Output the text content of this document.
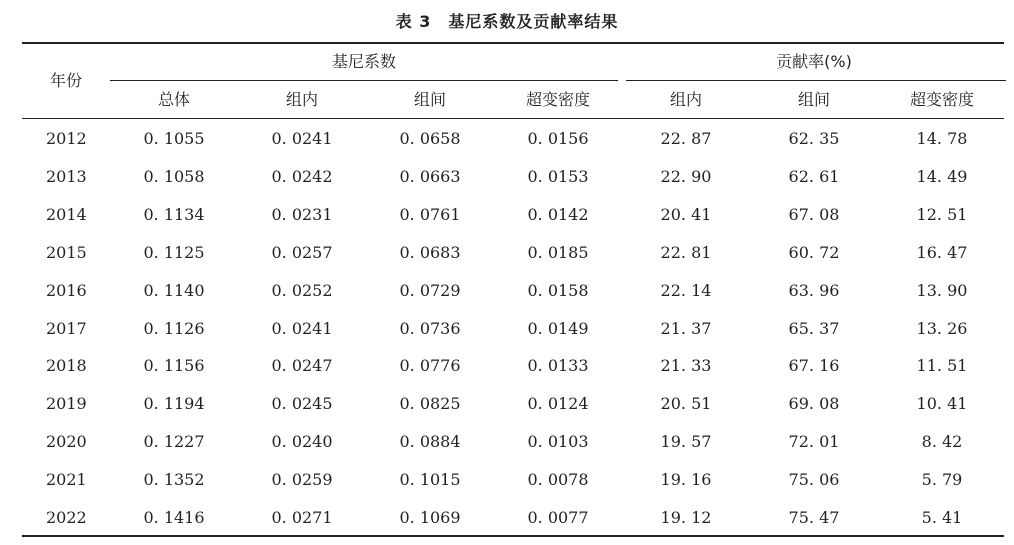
表 3　基尼系数及贡献率结果
年份
基尼系数	贡献率(%)
总体	组内	组间	超变密度	组内	组间	超变密度
2012	0. 1055	0. 0241	0. 0658	0. 0156	22. 87	62. 35	14. 78
2013	0. 1058	0. 0242	0. 0663	0. 0153	22. 90	62. 61	14. 49
2014	0. 1134	0. 0231	0. 0761	0. 0142	20. 41	67. 08	12. 51
2015	0. 1125	0. 0257	0. 0683	0. 0185	22. 81	60. 72	16. 47
2016	0. 1140	0. 0252	0. 0729	0. 0158	22. 14	63. 96	13. 90
2017	0. 1126	0. 0241	0. 0736	0. 0149	21. 37	65. 37	13. 26
2018	0. 1156	0. 0247	0. 0776	0. 0133	21. 33	67. 16	11. 51
2019	0. 1194	0. 0245	0. 0825	0. 0124	20. 51	69. 08	10. 41
2020	0. 1227	0. 0240	0. 0884	0. 0103	19. 57	72. 01	8. 42
2021	0. 1352	0. 0259	0. 1015	0. 0078	19. 16	75. 06	5. 79
2022	0. 1416	0. 0271	0. 1069	0. 0077	19. 12	75. 47	5. 41
